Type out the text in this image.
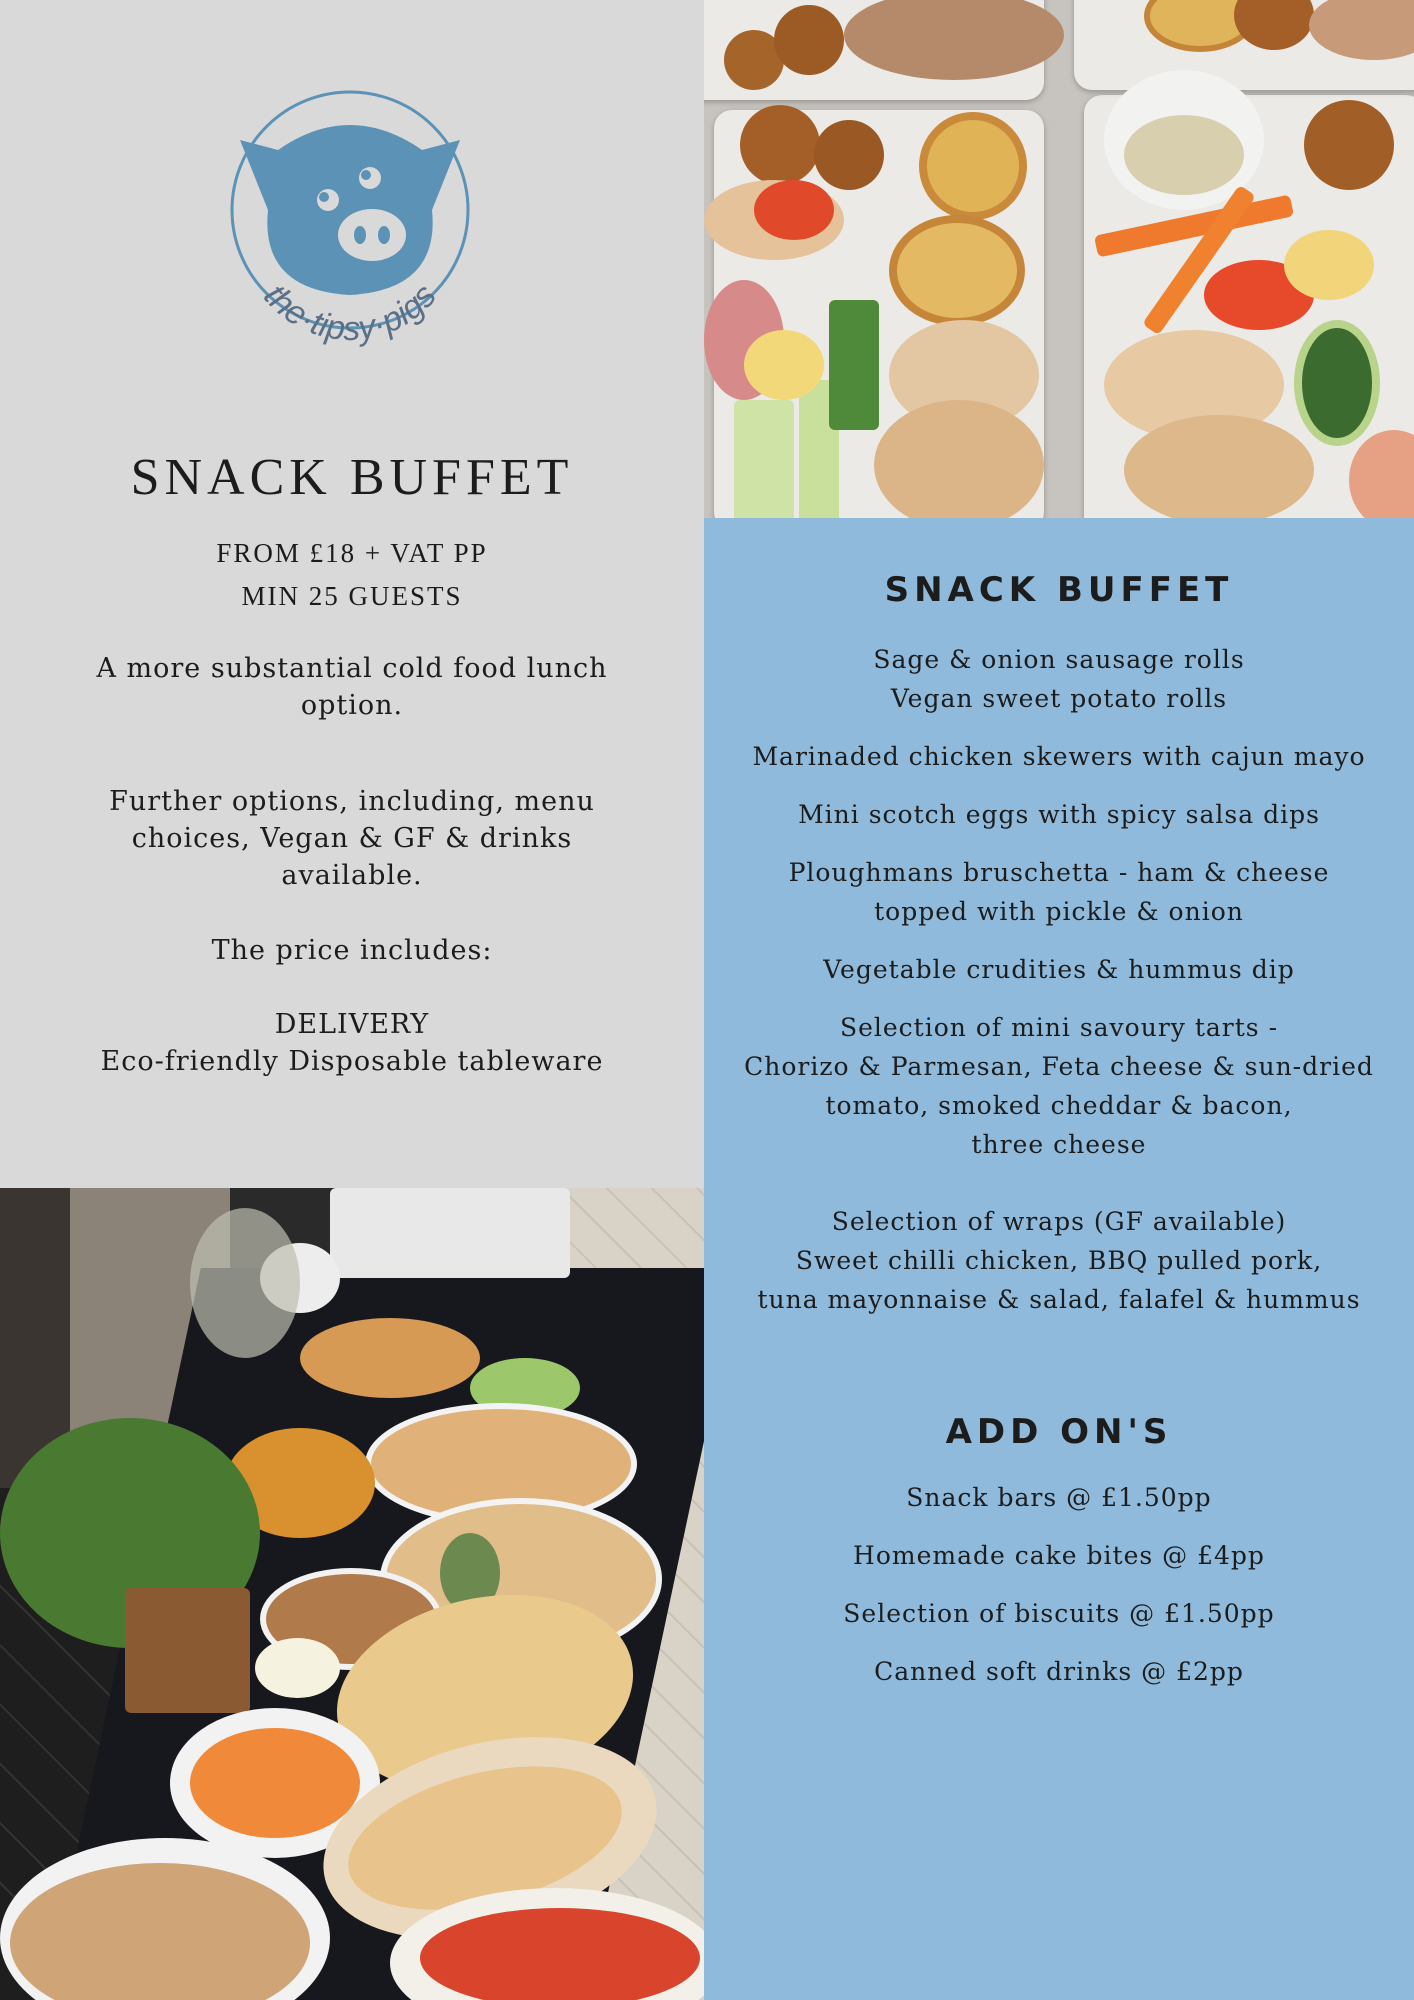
the·tipsy·pigs
SNACK BUFFET
FROM £18 + VAT PP
MIN 25 GUESTS
A more substantial cold food lunch option.
Further options, including, menu choices, Vegan & GF & drinks available.
The price includes:
DELIVERY
Eco-friendly Disposable tableware
SNACK BUFFET
Sage & onion sausage rolls
Vegan sweet potato rolls
Marinaded chicken skewers with cajun mayo
Mini scotch eggs with spicy salsa dips
Ploughmans bruschetta - ham & cheese
topped with pickle & onion
Vegetable crudities & hummus dip
Selection of mini savoury tarts -
Chorizo & Parmesan, Feta cheese & sun-dried
tomato, smoked cheddar & bacon,
three cheese
Selection of wraps (GF available)
Sweet chilli chicken, BBQ pulled pork,
tuna mayonnaise & salad, falafel & hummus
ADD ON'S
Snack bars @ £1.50pp
Homemade cake bites @ £4pp
Selection of biscuits @ £1.50pp
Canned soft drinks @ £2pp
